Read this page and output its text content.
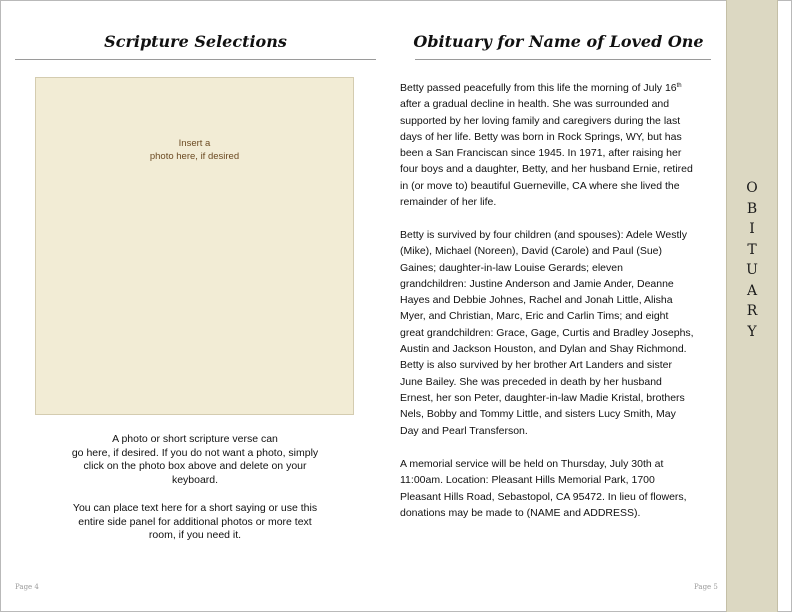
Scripture Selections
Insert a
photo here, if desired
A photo or short scripture verse can
go here, if desired. If you do not want a photo, simply
click on the photo box above and delete on your
keyboard.
You can place text here for a short saying or use this
entire side panel for additional photos or more text
room, if you need it.
Page 4
Obituary for Name of Loved One
Betty passed peacefully from this life the morning of July 16th
after a gradual decline in health. She was surrounded and
supported by her loving family and caregivers during the last
days of her life. Betty was born in Rock Springs, WY, but has
been a San Franciscan since 1945. In 1971, after raising her
four boys and a daughter, Betty, and her husband Ernie, retired
in (or move to) beautiful Guerneville, CA where she lived the
remainder of her life.
Betty is survived by four children (and spouses): Adele Westly
(Mike), Michael (Noreen), David (Carole) and Paul (Sue)
Gaines; daughter-in-law Louise Gerards; eleven
grandchildren: Justine Anderson and Jamie Ander, Deanne
Hayes and Debbie Johnes, Rachel and Jonah Little, Alisha
Myer, and Christian, Marc, Eric and Carlin Tims; and eight
great grandchildren: Grace, Gage, Curtis and Bradley Josephs,
Austin and Jackson Houston, and Dylan and Shay Richmond.
Betty is also survived by her brother Art Landers and sister
June Bailey. She was preceded in death by her husband
Ernest, her son Peter, daughter-in-law Madie Kristal, brothers
Nels, Bobby and Tommy Little, and sisters Lucy Smith, May
Day and Pearl Transferson.
A memorial service will be held on Thursday, July 30th at
11:00am. Location: Pleasant Hills Memorial Park, 1700
Pleasant Hills Road, Sebastopol, CA 95472. In lieu of flowers,
donations may be made to (NAME and ADDRESS).
Page 5
O
B
I
T
U
A
R
Y
